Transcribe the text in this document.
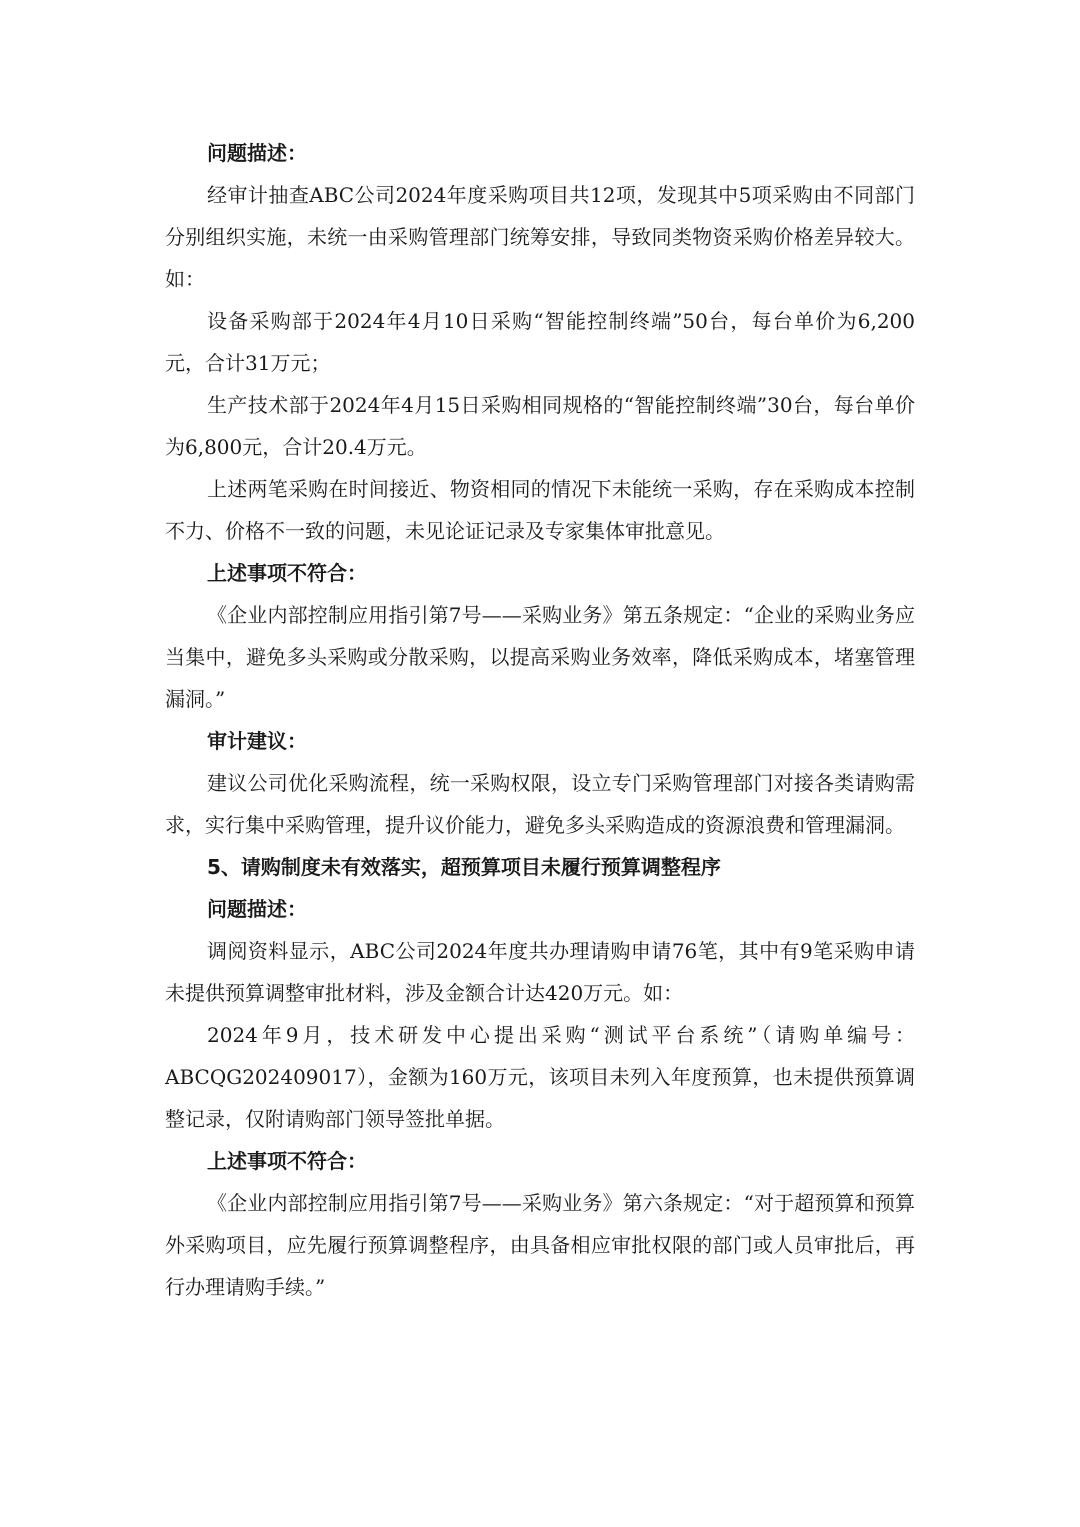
问题描述：

经审计抽查ABC公司2024年度采购项目共12项，发现其中5项采购由不同部门分别组织实施，未统一由采购管理部门统筹安排，导致同类物资采购价格差异较大。如：

设备采购部于2024年4月10日采购“智能控制终端”50台，每台单价为6,200元，合计31万元；

生产技术部于2024年4月15日采购相同规格的“智能控制终端”30台，每台单价为6,800元，合计20.4万元。

上述两笔采购在时间接近、物资相同的情况下未能统一采购，存在采购成本控制不力、价格不一致的问题，未见论证记录及专家集体审批意见。

上述事项不符合：

《企业内部控制应用指引第7号——采购业务》第五条规定：“企业的采购业务应当集中，避免多头采购或分散采购，以提高采购业务效率，降低采购成本，堵塞管理漏洞。”

审计建议：

建议公司优化采购流程，统一采购权限，设立专门采购管理部门对接各类请购需求，实行集中采购管理，提升议价能力，避免多头采购造成的资源浪费和管理漏洞。

5、请购制度未有效落实，超预算项目未履行预算调整程序
问题描述：

调阅资料显示，ABC公司2024年度共办理请购申请76笔，其中有9笔采购申请未提供预算调整审批材料，涉及金额合计达420万元。如：

2024年9月，技术研发中心提出采购“测试平台系统”（请购单编号：ABCQG202409017），金额为160万元，该项目未列入年度预算，也未提供预算调整记录，仅附请购部门领导签批单据。

上述事项不符合：

《企业内部控制应用指引第7号——采购业务》第六条规定：“对于超预算和预算外采购项目，应先履行预算调整程序，由具备相应审批权限的部门或人员审批后，再行办理请购手续。”
